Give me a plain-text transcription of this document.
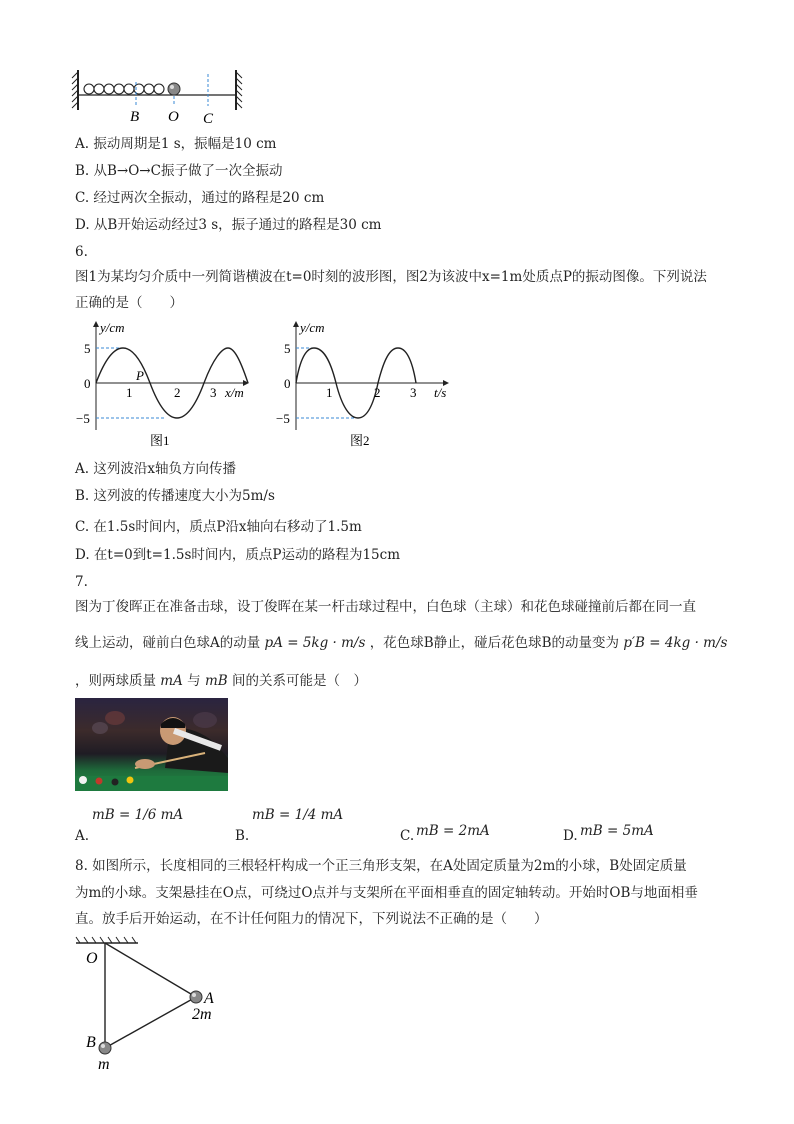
B O C
A. 振动周期是1 s，振幅是10 cm
B. 从B→O→C振子做了一次全振动
C. 经过两次全振动，通过的路程是20 cm
D. 从B开始运动经过3 s，振子通过的路程是30 cm
6.
图1为某均匀介质中一列简谐横波在t=0时刻的波形图，图2为该波中x=1m处质点P的振动图像。下列说法
正确的是（　　）
y/cm
5
0
−5
P
1	2 3 x/m
图1
y/cm
5
0
−5
1	2 3 t/s
图2
A. 这列波沿x轴负方向传播
B. 这列波的传播速度大小为5m/s
C. 在1.5s时间内，质点P沿x轴向右移动了1.5m
D. 在t=0到t=1.5s时间内，质点P运动的路程为15cm
7.
图为丁俊晖正在准备击球，设丁俊晖在某一杆击球过程中，白色球（主球）和花色球碰撞前后都在同一直
线上运动，碰前白色球A的动量 pA = 5kg · m/s ，花色球B静止，碰后花色球B的动量变为 p′B = 4kg · m/s
，则两球质量 mA 与 mB 间的关系可能是（　）
A.
mB = 1/6 mA
B.
mB = 1/4 mA
C. mB = 2mA	D. mB = 5mA
8. 如图所示，长度相同的三根轻杆构成一个正三角形支架，在A处固定质量为2m的小球，B处固定质量
为m的小球。支架悬挂在O点，可绕过O点并与支架所在平面相垂直的固定轴转动。开始时OB与地面相垂
直。放手后开始运动，在不计任何阻力的情况下，下列说法不正确的是（　　）
O
A
2m
B
m
